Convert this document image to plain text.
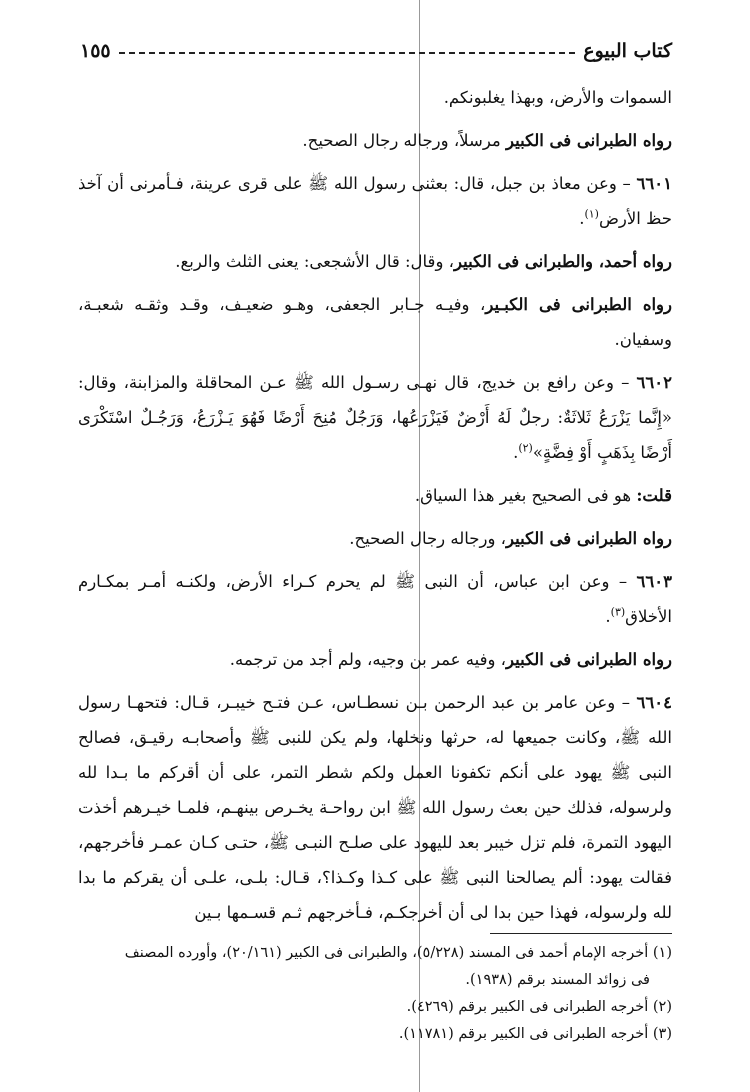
كتاب البيوع
١٥٥

السموات والأرض، وبهذا يغلبونكم.

رواه الطبرانى فى الكبير مرسلاً، ورجاله رجال الصحيح.

٦٦٠١ – وعن معاذ بن جبل، قال: بعثنى رسول الله ﷺ على قرى عرينة، فـأمرنى أن آخذ حظ الأرض$^{(١)}$.

رواه أحمد، والطبرانى فى الكبير، وقال: قال الأشجعى: يعنى الثلث والربع.

رواه الطبرانى فى الكبـير، وفيـه جـابر الجعفى، وهـو ضعيـف، وقـد وثقـه شعبـة، وسفيان.

٦٦٠٢ – وعن رافع بن خديج، قال نهـى رسـول الله ﷺ عـن المحاقلة والمزابنة، وقال: «إِنَّما يَزْرَعُ ثَلاثَةٌ: رجلٌ لَهُ أَرْضٌ فَيَزْرَعُها، وَرَجُلٌ مُنِحَ أَرْضًا فَهُوَ يَـزْرَعُ، وَرَجُـلٌ اسْتَكْرَى أَرْضًا بِذَهَبٍ أَوْ فِضَّةٍ»$^{(٢)}$.

قلت: هو فى الصحيح بغير هذا السياق.

رواه الطبرانى فى الكبير، ورجاله رجال الصحيح.

٦٦٠٣ – وعن ابن عباس، أن النبى ﷺ لم يحرم كـراء الأرض، ولكنـه أمـر بمكـارم الأخلاق$^{(٣)}$.

رواه الطبرانى فى الكبير، وفيه عمر بن وجيه، ولم أجد من ترجمه.

٦٦٠٤ – وعن عامر بن عبد الرحمن بـن نسطـاس، عـن فتـح خيبـر، قـال: فتحهـا رسول الله ﷺ، وكانت جميعها له، حرثها ونخلها، ولم يكن للنبى ﷺ وأصحابـه رقيـق، فصالح النبى ﷺ يهود على أنكم تكفونا العمل ولكم شطر التمر، على أن أقركم ما بـدا لله ولرسوله، فذلك حين بعث رسول الله ﷺ ابن رواحـة يخـرص بينهـم، فلمـا خيـرهم أخذت اليهود التمرة، فلم تزل خيبر بعد لليهود على صلـح النبـى ﷺ، حتـى كـان عمـر فأخرجهم، فقالت يهود: ألم يصالحنا النبى ﷺ على كـذا وكـذا؟، قـال: بلـى، علـى أن يقركم ما بدا لله ولرسوله، فهذا حين بدا لى أن أخرجكـم، فـأخرجهم ثـم قسـمها بـين

(١) أخرجه الإمام أحمد فى المسند (٥/٢٢٨)، والطبرانى فى الكبير (٢٠/١٦١)، وأورده المصنف

فى زوائد المسند برقم (١٩٣٨).

(٢) أخرجه الطبرانى فى الكبير برقم (٤٢٦٩).

(٣) أخرجه الطبرانى فى الكبير برقم (١١٧٨١).
